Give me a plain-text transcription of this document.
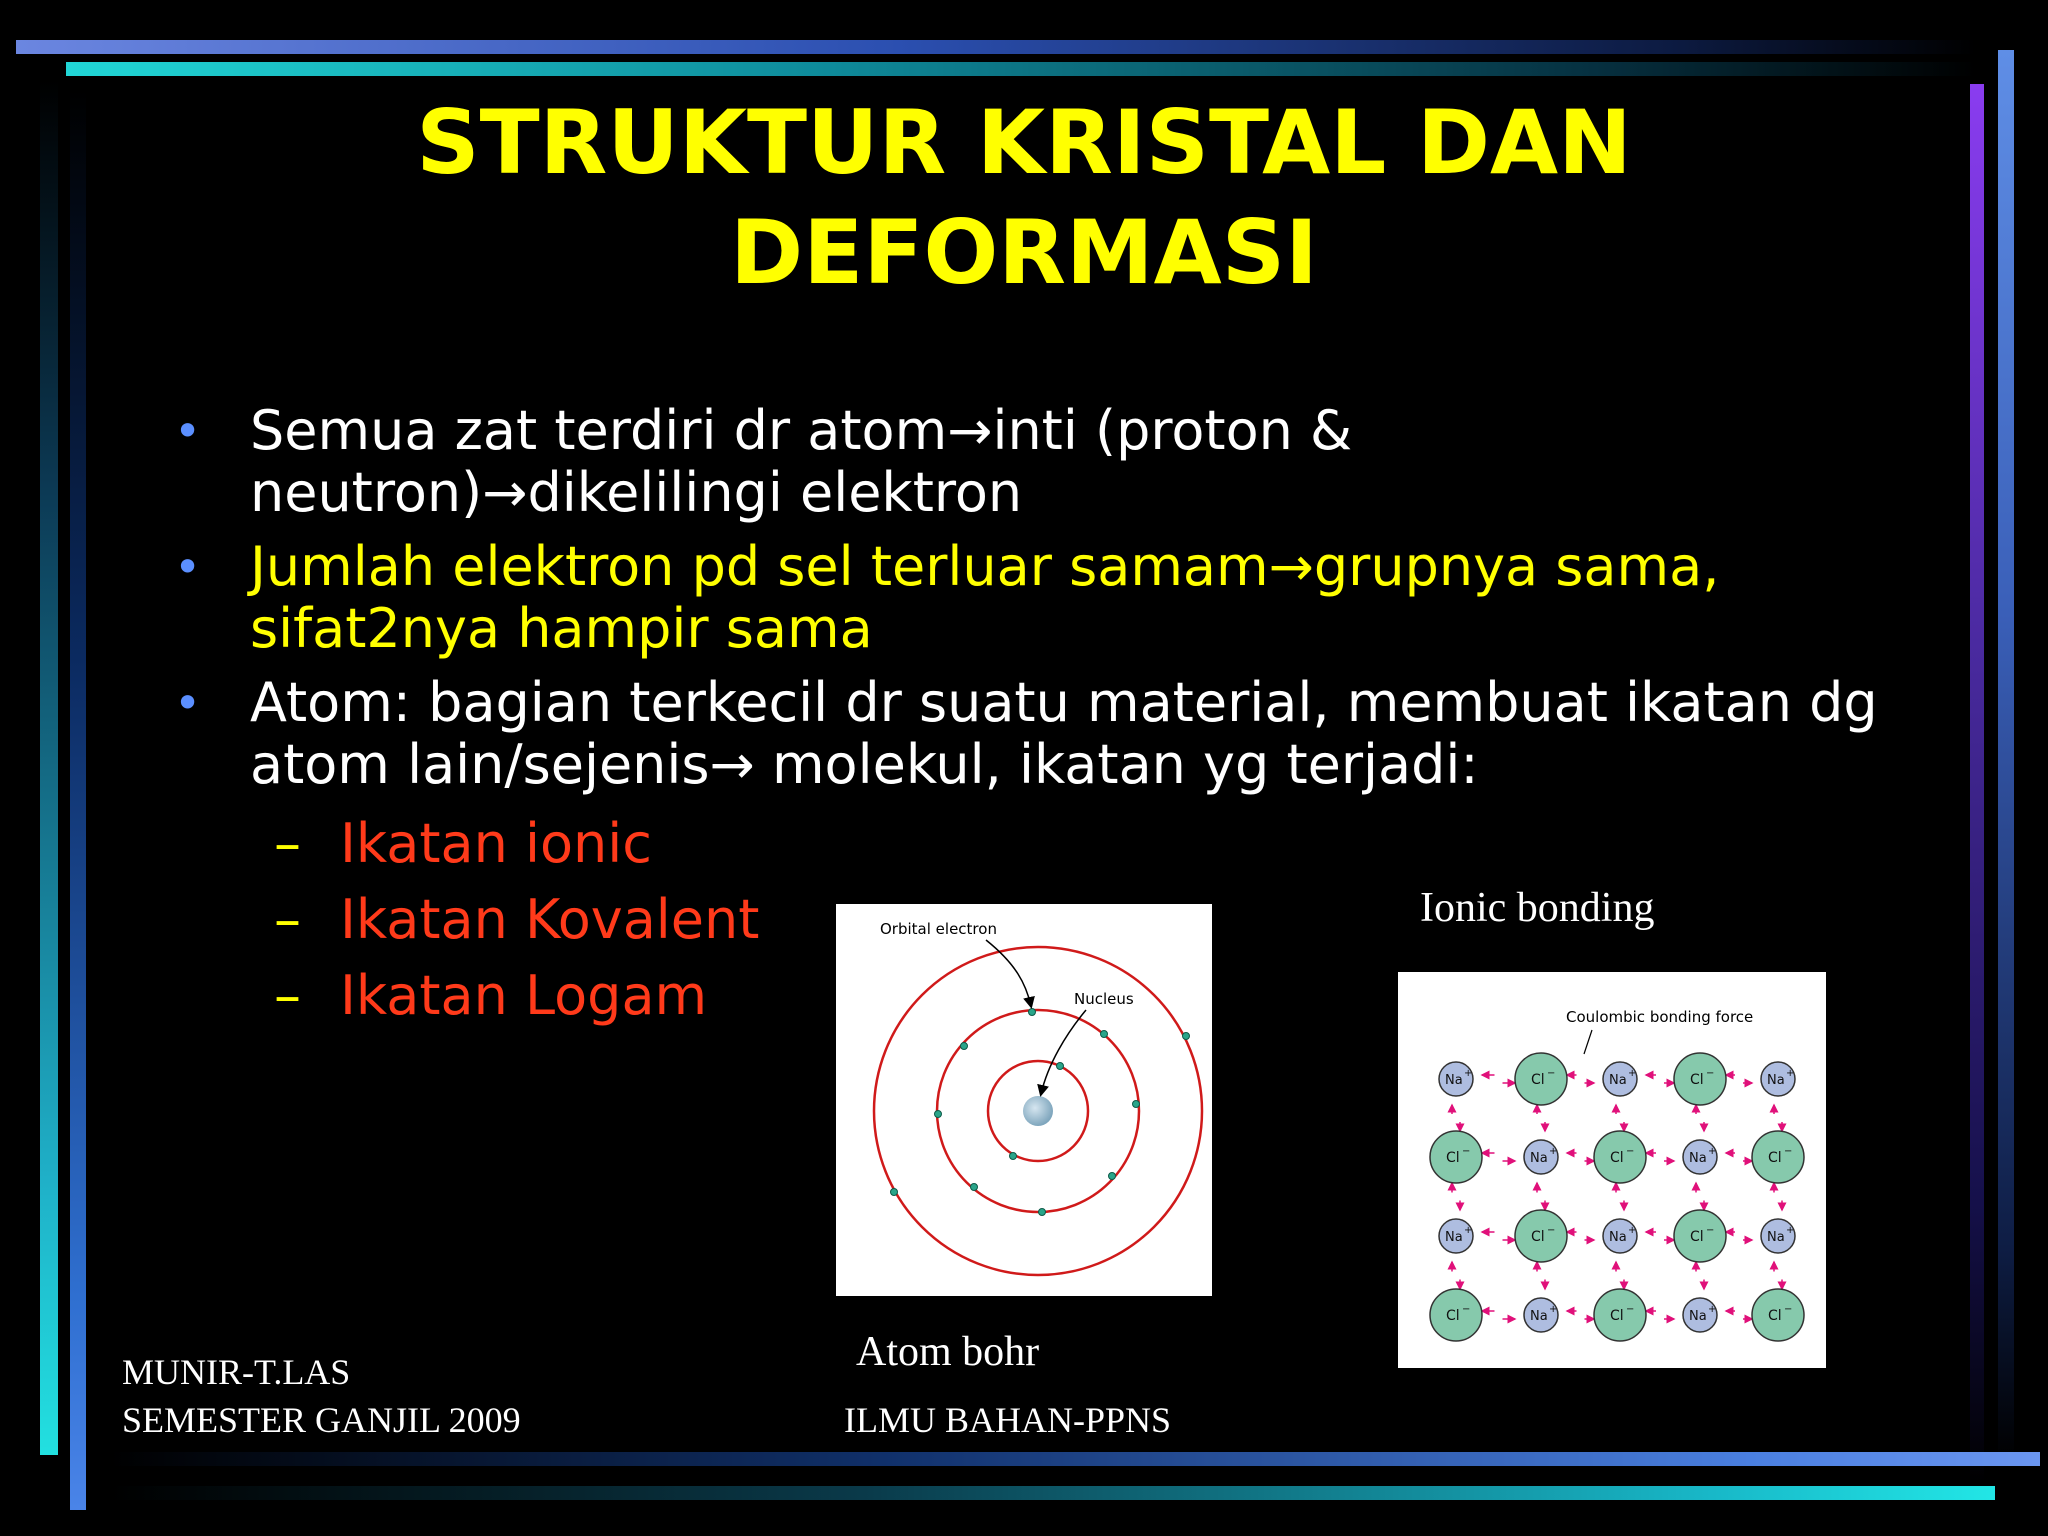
STRUKTUR KRISTAL DAN
DEFORMASI
• Semua zat terdiri dr atom→inti (proton & neutron)→dikelilingi elektron
• Jumlah elektron pd sel terluar samam→grupnya sama, sifat2nya hampir sama
• Atom: bagian terkecil dr suatu material, membuat ikatan dg atom lain/sejenis→ molekul, ikatan yg terjadi:
– Ikatan ionic
– Ikatan Kovalent
– Ikatan Logam
Orbital electron
Nucleus
Atom bohr
Ionic bonding
Coulombic bonding force
Na +	Cl −	Na +	Cl −	Na +
Cl −	Na +	Cl −	Na +	Cl −
Na +	Cl −	Na +	Cl −	Na +
Cl −	Na +	Cl −	Na +	Cl −
MUNIR-T.LAS
SEMESTER GANJIL 2009	ILMU BAHAN-PPNS
